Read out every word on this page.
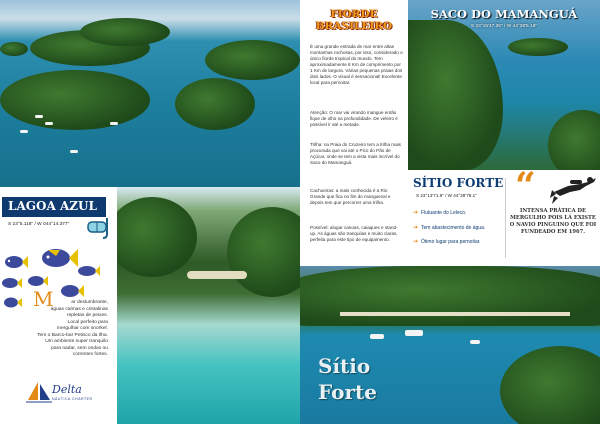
FIORDE
BRASILEIRO

É uma grande entrada de mar entre altas montanhas rochosas, por isso, considerado o único fiorde tropical do mundo. Tem aproximadamente 8 Km de comprimento por 1 Km de largura. Várias pequenas praias dos dois lados. O visual é sensacional! Excelente local para pernoitar.

Atenção: O mar vai virando mangue então fique de olho na profundidade. De veleiro é possível ir até a metade.

Trilha: na Praia do Cruzeiro tem a trilha mais procurada que vai até o Pico do Pão de Açúcar, onde se tem a vista mais incrível do Saco do Mamanguá.

Cachoeiras: a mais conhecida é a Rio Grande que fica no fim do manguezal e depois tem que percorrer uma trilha.

Possível: alugar canoas, caiaques e stand-up. As águas são tranquilas e muito claras, perfeita para este tipo de equipamento.

SACO DO MAMANGUÁ
S 23°15'47.36" / W 44°38'5.16"
SÍTIO FORTE
S 23°13'71.9" / W 44°28'78.1"
➔ Flutuante do Leleco.
➔ Tem abastecimento de água.
➔ Ótimo lugar para pernoitar.
“
INTENSA PRÁTICA DE MERGULHO POIS LÁ EXISTE O NAVIO PINGUINO QUE FOI FUNDEADO EM 1967.
LAGOA AZUL
S 23°5.118" / W 044°14.377"
M	ar deslumbrante,
águas calmas e cristalinas
repletas de peixes.
Local perfeito para
mergulhar com snorkel.
Tem o Barco-bar Petisco da Ilha.
Um ambiente super tranquilo
para nadar, sem ondas ou
correntes fortes.
Delta
NÁUTICA CHARTER
Sítio
Forte
